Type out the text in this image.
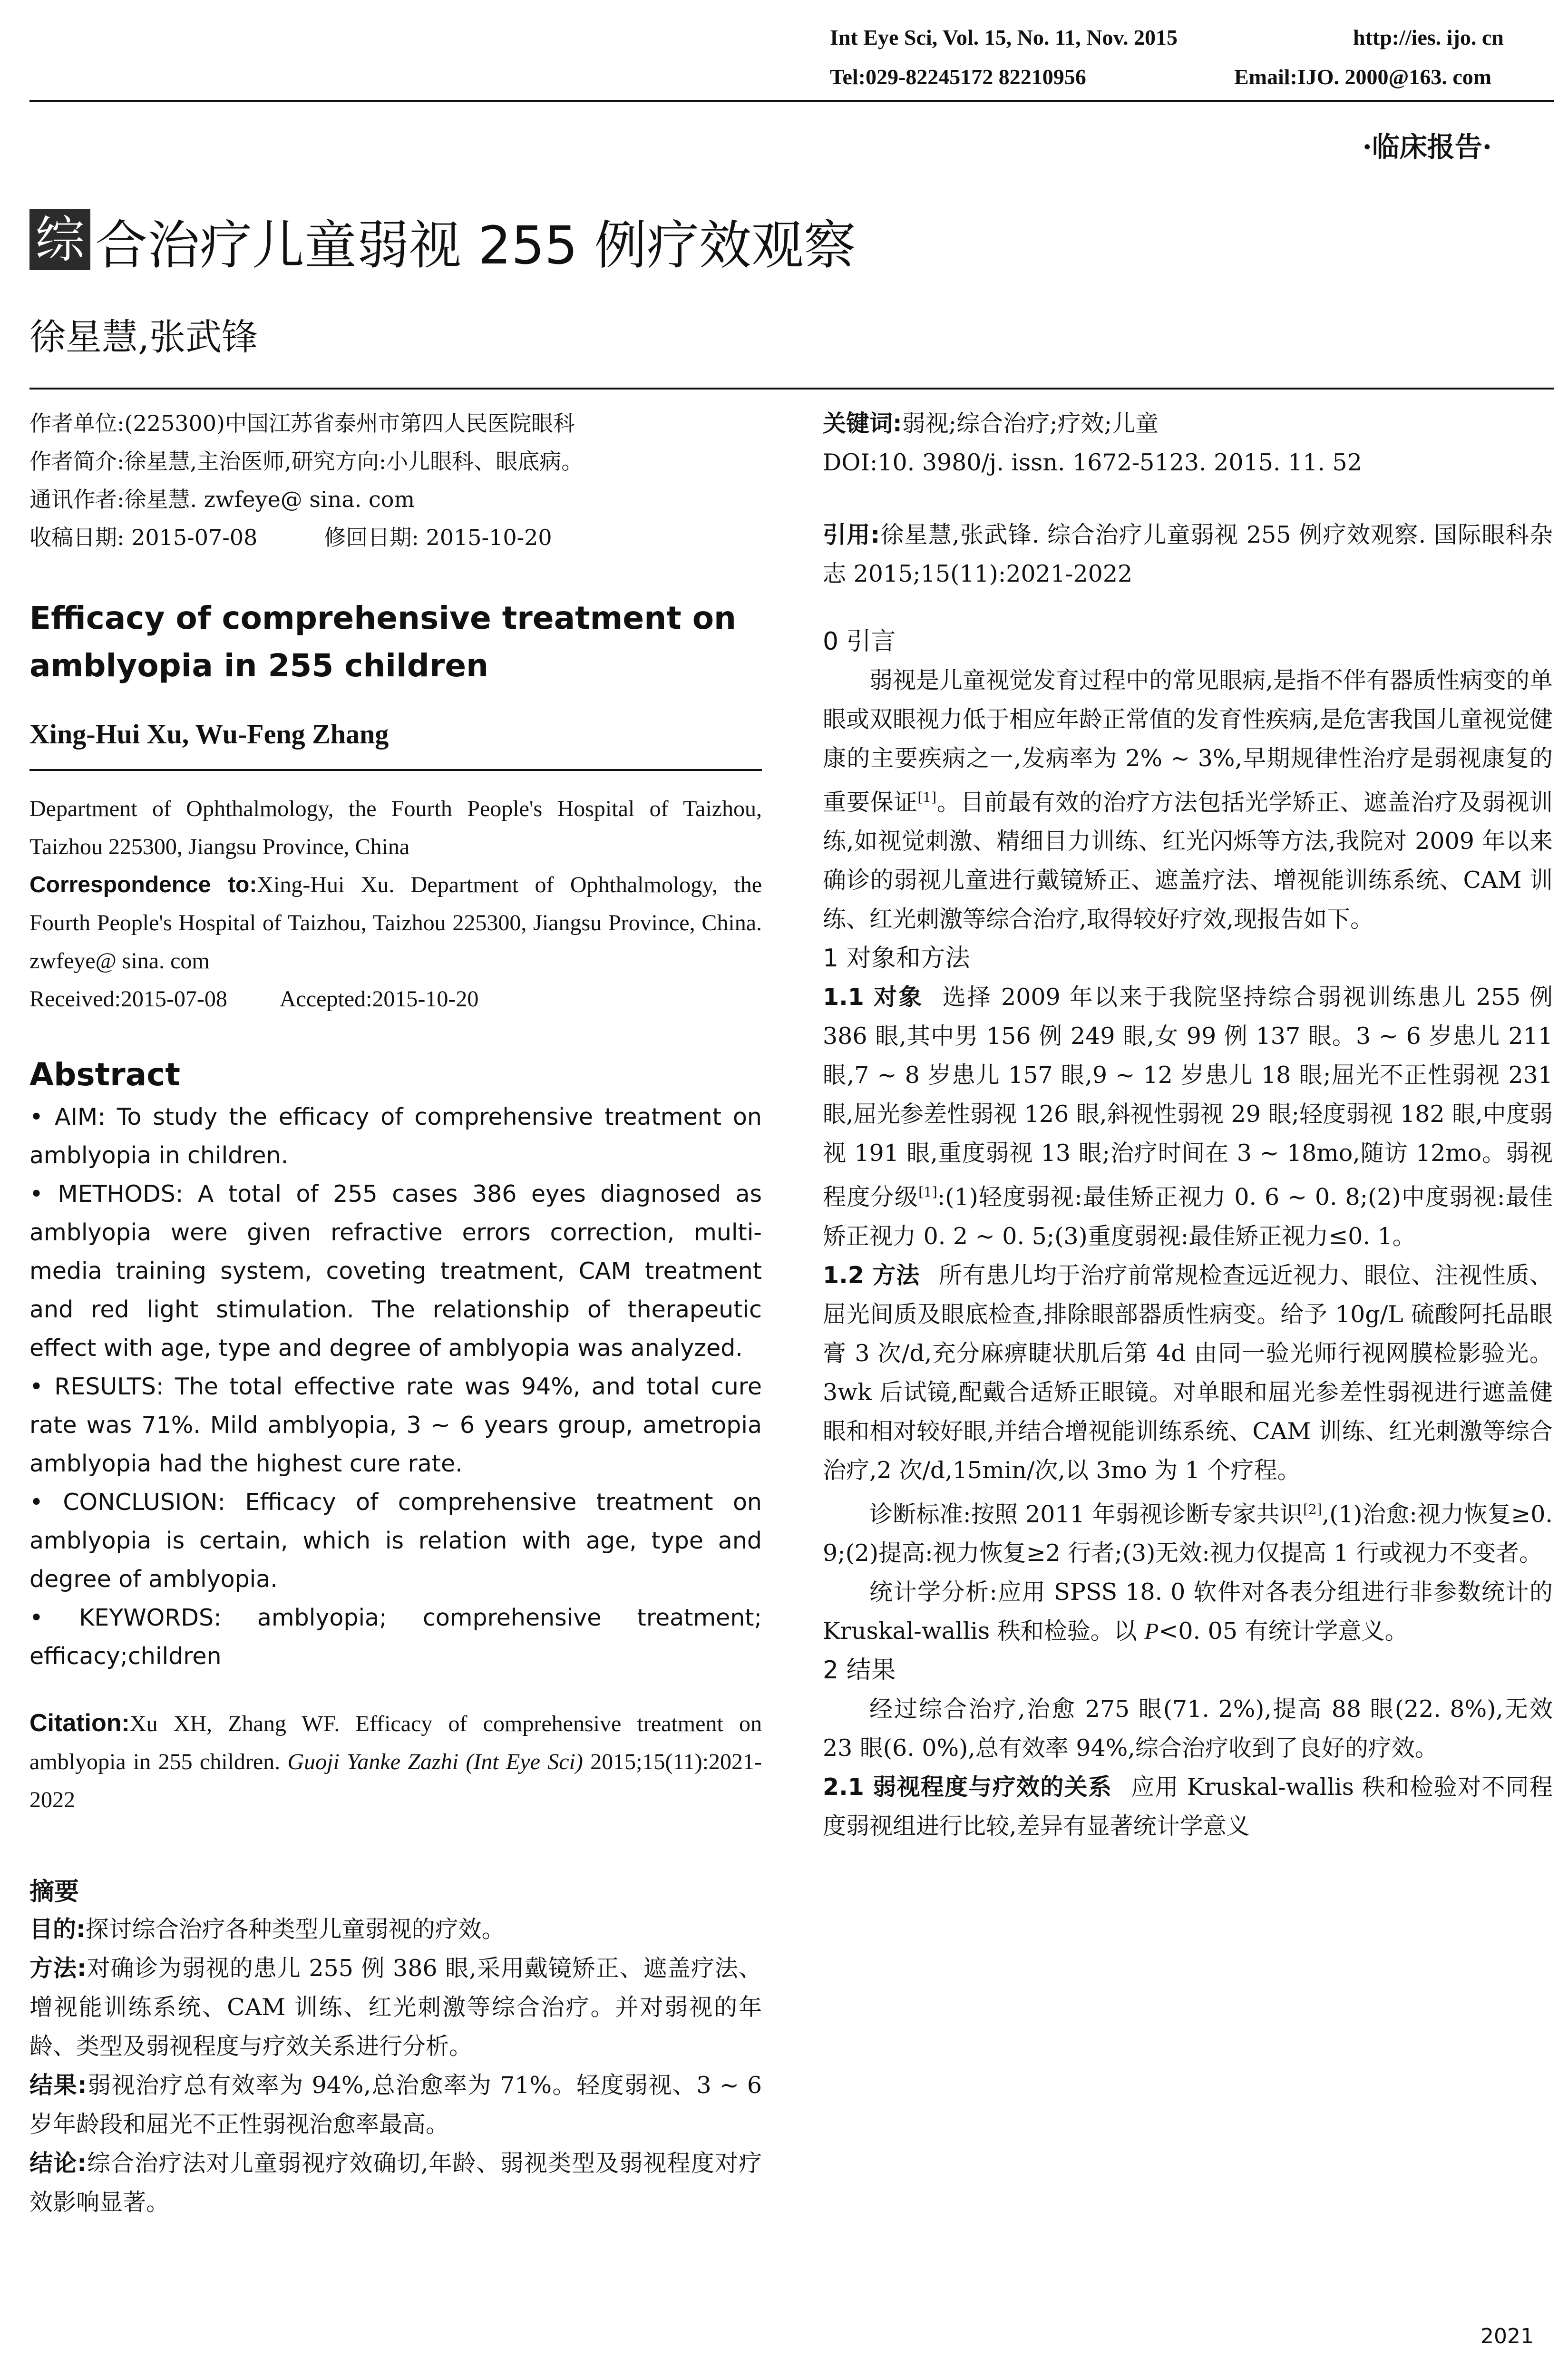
Int Eye Sci, Vol. 15, No. 11, Nov. 2015	http://ies. ijo. cn
Tel:029-82245172 82210956	Email:IJO. 2000@163. com
·临床报告·
综 合治疗儿童弱视 255 例疗效观察
徐星慧,张武锋

作者单位:(225300)中国江苏省泰州市第四人民医院眼科

作者简介:徐星慧,主治医师,研究方向:小儿眼科、眼底病。

通讯作者:徐星慧. zwfeye@ sina. com

收稿日期: 2015-07-08	修回日期: 2015-10-20

Efficacy of comprehensive treatment on amblyopia in 255 children
Xing-Hui Xu, Wu-Feng Zhang

Department of Ophthalmology, the Fourth People's Hospital of Taizhou, Taizhou 225300, Jiangsu Province, China

Correspondence to:Xing-Hui Xu. Department of Ophthalmology, the Fourth People's Hospital of Taizhou, Taizhou 225300, Jiangsu Province, China. zwfeye@ sina. com

Received:2015-07-08 Accepted:2015-10-20

Abstract

• AIM: To study the efficacy of comprehensive treatment on amblyopia in children.

• METHODS: A total of 255 cases 386 eyes diagnosed as amblyopia were given refractive errors correction, multi-media training system, coveting treatment, CAM treatment and red light stimulation. The relationship of therapeutic effect with age, type and degree of amblyopia was analyzed.

• RESULTS: The total effective rate was 94%, and total cure rate was 71%. Mild amblyopia, 3 ~ 6 years group, ametropia amblyopia had the highest cure rate.

• CONCLUSION: Efficacy of comprehensive treatment on amblyopia is certain, which is relation with age, type and degree of amblyopia.

• KEYWORDS: amblyopia; comprehensive treatment; efficacy;children

Citation:Xu XH, Zhang WF. Efficacy of comprehensive treatment on amblyopia in 255 children. Guoji Yanke Zazhi (Int Eye Sci) 2015;15(11):2021-2022

摘要

目的:探讨综合治疗各种类型儿童弱视的疗效。

方法:对确诊为弱视的患儿 255 例 386 眼,采用戴镜矫正、遮盖疗法、增视能训练系统、CAM 训练、红光刺激等综合治疗。并对弱视的年龄、类型及弱视程度与疗效关系进行分析。

结果:弱视治疗总有效率为 94%,总治愈率为 71%。轻度弱视、3 ~ 6 岁年龄段和屈光不正性弱视治愈率最高。

结论:综合治疗法对儿童弱视疗效确切,年龄、弱视类型及弱视程度对疗效影响显著。

关键词:弱视;综合治疗;疗效;儿童

DOI:10. 3980/j. issn. 1672-5123. 2015. 11. 52

引用:徐星慧,张武锋. 综合治疗儿童弱视 255 例疗效观察. 国际眼科杂志 2015;15(11):2021-2022

0 引言

弱视是儿童视觉发育过程中的常见眼病,是指不伴有器质性病变的单眼或双眼视力低于相应年龄正常值的发育性疾病,是危害我国儿童视觉健康的主要疾病之一,发病率为 2% ~ 3%,早期规律性治疗是弱视康复的重要保证[1]。目前最有效的治疗方法包括光学矫正、遮盖治疗及弱视训练,如视觉刺激、精细目力训练、红光闪烁等方法,我院对 2009 年以来确诊的弱视儿童进行戴镜矫正、遮盖疗法、增视能训练系统、CAM 训练、红光刺激等综合治疗,取得较好疗效,现报告如下。

1 对象和方法

1.1 对象 选择 2009 年以来于我院坚持综合弱视训练患儿 255 例 386 眼,其中男 156 例 249 眼,女 99 例 137 眼。3 ~ 6 岁患儿 211 眼,7 ~ 8 岁患儿 157 眼,9 ~ 12 岁患儿 18 眼;屈光不正性弱视 231 眼,屈光参差性弱视 126 眼,斜视性弱视 29 眼;轻度弱视 182 眼,中度弱视 191 眼,重度弱视 13 眼;治疗时间在 3 ~ 18mo,随访 12mo。弱视程度分级[1]:(1)轻度弱视:最佳矫正视力 0. 6 ~ 0. 8;(2)中度弱视:最佳矫正视力 0. 2 ~ 0. 5;(3)重度弱视:最佳矫正视力≤0. 1。

1.2 方法 所有患儿均于治疗前常规检查远近视力、眼位、注视性质、屈光间质及眼底检查,排除眼部器质性病变。给予 10g/L 硫酸阿托品眼膏 3 次/d,充分麻痹睫状肌后第 4d 由同一验光师行视网膜检影验光。3wk 后试镜,配戴合适矫正眼镜。对单眼和屈光参差性弱视进行遮盖健眼和相对较好眼,并结合增视能训练系统、CAM 训练、红光刺激等综合治疗,2 次/d,15min/次,以 3mo 为 1 个疗程。

诊断标准:按照 2011 年弱视诊断专家共识[2],(1)治愈:视力恢复≥0. 9;(2)提高:视力恢复≥2 行者;(3)无效:视力仅提高 1 行或视力不变者。

统计学分析:应用 SPSS 18. 0 软件对各表分组进行非参数统计的 Kruskal-wallis 秩和检验。以 P<0. 05 有统计学意义。

2 结果

经过综合治疗,治愈 275 眼(71. 2%),提高 88 眼(22. 8%),无效 23 眼(6. 0%),总有效率 94%,综合治疗收到了良好的疗效。

2.1 弱视程度与疗效的关系 应用 Kruskal-wallis 秩和检验对不同程度弱视组进行比较,差异有显著统计学意义

2021
